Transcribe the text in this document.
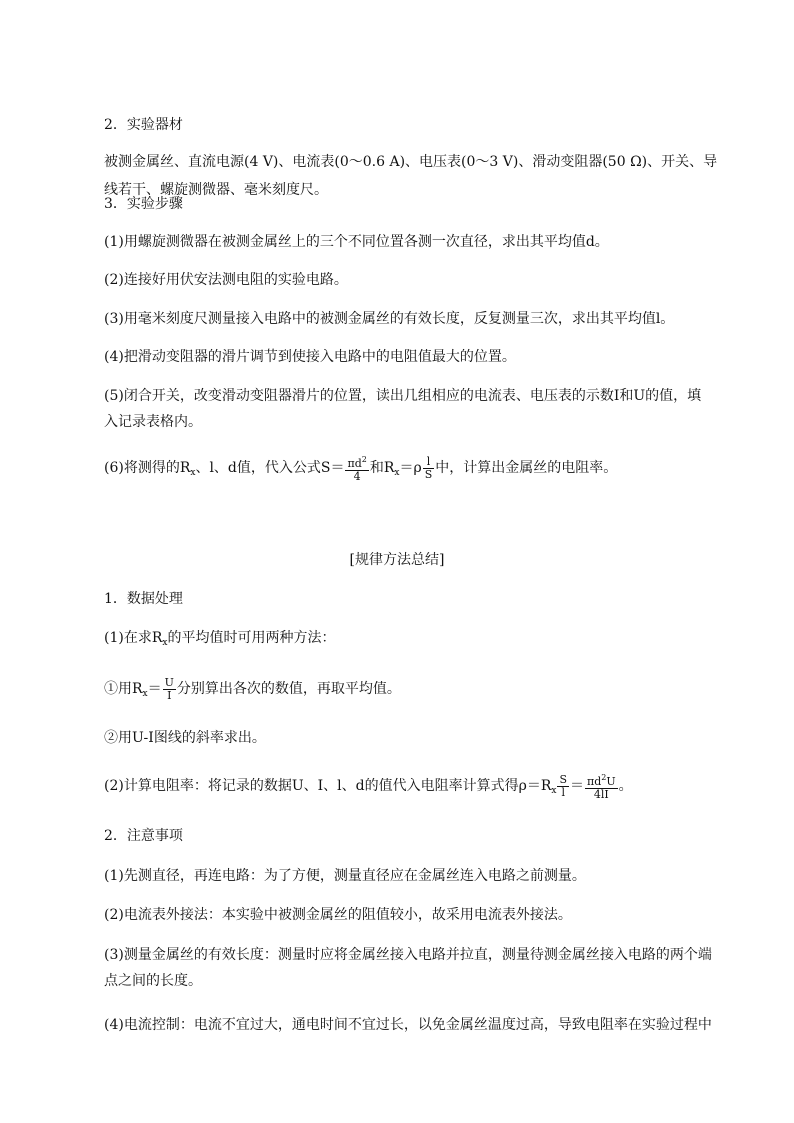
2．实验器材
被测金属丝、直流电源(4 V)、电流表(0～0.6 A)、电压表(0～3 V)、滑动变阻器(50 Ω)、开关、导线若干、螺旋测微器、毫米刻度尺。
3．实验步骤
(1)用螺旋测微器在被测金属丝上的三个不同位置各测一次直径，求出其平均值d。
(2)连接好用伏安法测电阻的实验电路。
(3)用毫米刻度尺测量接入电路中的被测金属丝的有效长度，反复测量三次，求出其平均值l。
(4)把滑动变阻器的滑片调节到使接入电路中的电阻值最大的位置。
(5)闭合开关，改变滑动变阻器滑片的位置，读出几组相应的电流表、电压表的示数I和U的值，填
入记录表格内。
(6)将测得的$R_x$、l、d值，代入公式$S= \frac{\pi d^2}{4}$ 和$R_x=\rho \frac{l}{S}$ 中，计算出金属丝的电阻率。
[规律方法总结]
1．数据处理
(1)在求$R_x$的平均值时可用两种方法：
①用$R_x= \frac{U}{I}$ 分别算出各次的数值，再取平均值。
②用U-I图线的斜率求出。
(2)计算电阻率：将记录的数据U、I、l、d的值代入电阻率计算式得$\rho=R_x \frac{S}{l} = \frac{\pi d^2U}{4lI}$ 。
2．注意事项
(1)先测直径，再连电路：为了方便，测量直径应在金属丝连入电路之前测量。
(2)电流表外接法：本实验中被测金属丝的阻值较小，故采用电流表外接法。
(3)测量金属丝的有效长度：测量时应将金属丝接入电路并拉直，测量待测金属丝接入电路的两个端
点之间的长度。
(4)电流控制：电流不宜过大，通电时间不宜过长，以免金属丝温度过高，导致电阻率在实验过程中
